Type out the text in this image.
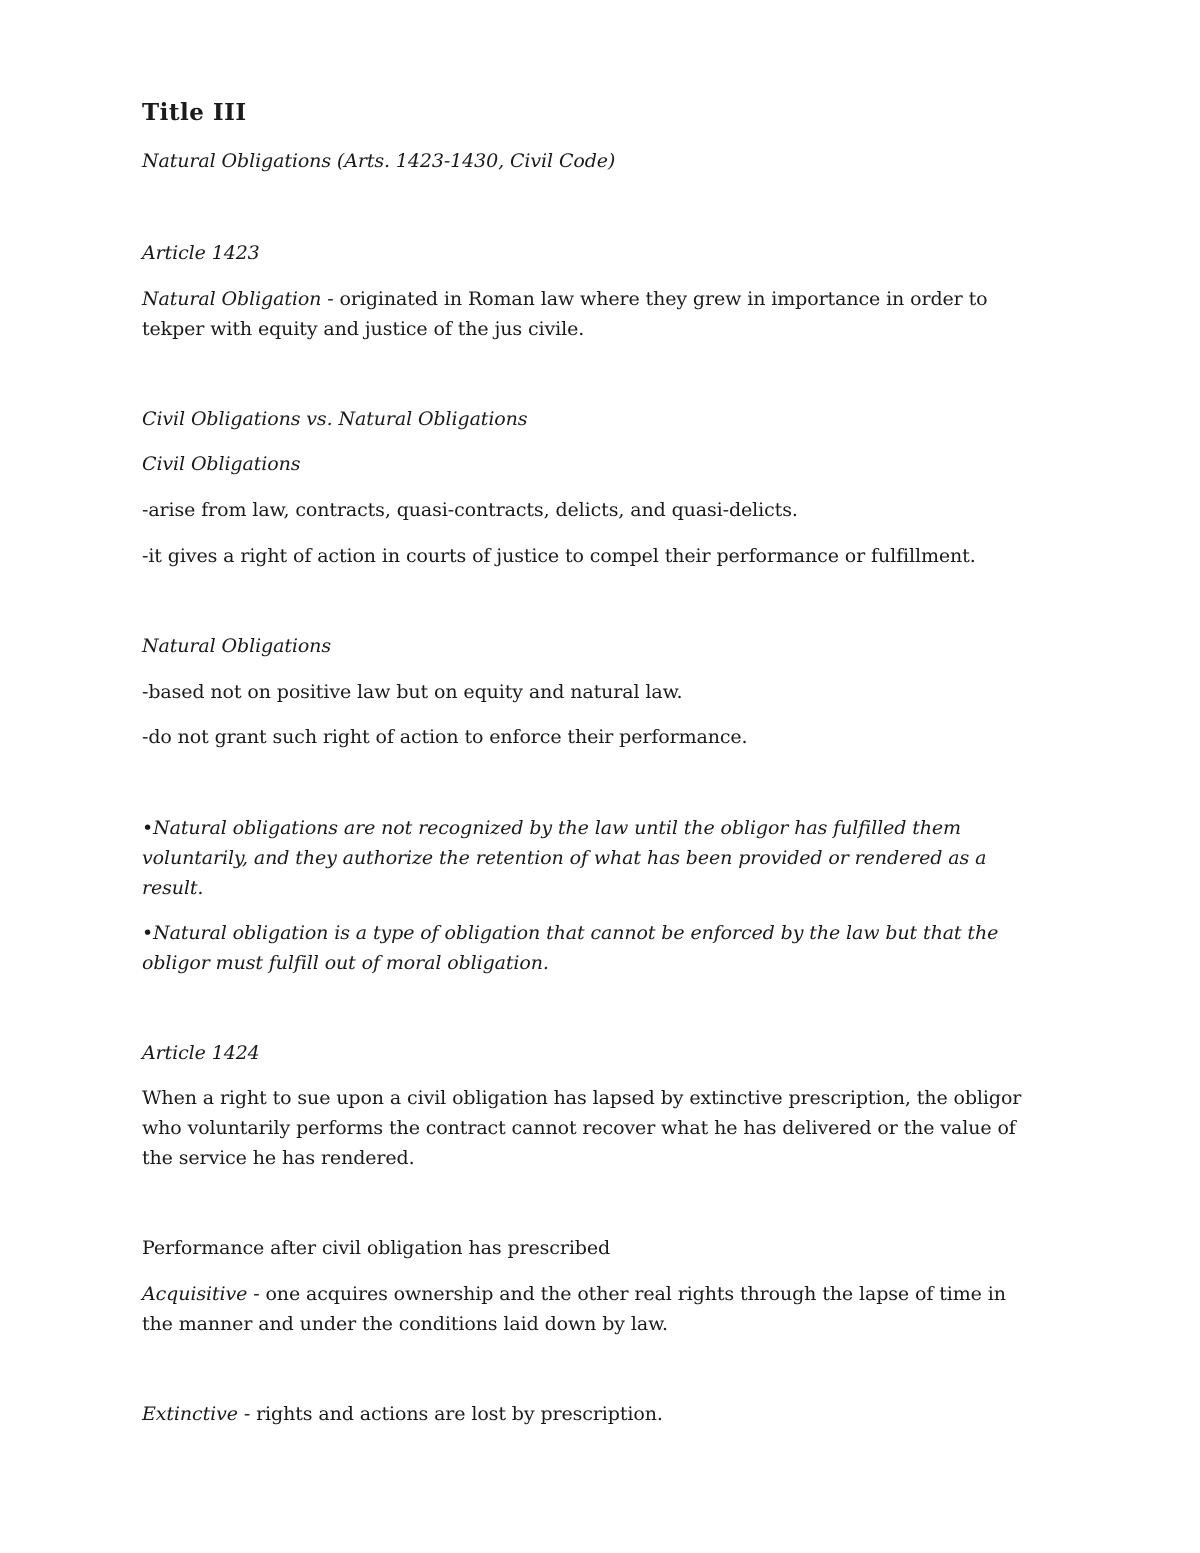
Title III

Natural Obligations (Arts. 1423-1430, Civil Code)

Article 1423

Natural Obligation - originated in Roman law where they grew in importance in order to
tekper with equity and justice of the jus civile.

Civil Obligations vs. Natural Obligations

Civil Obligations

-arise from law, contracts, quasi-contracts, delicts, and quasi-delicts.

-it gives a right of action in courts of justice to compel their performance or fulfillment.

Natural Obligations

-based not on positive law but on equity and natural law.

-do not grant such right of action to enforce their performance.

•Natural obligations are not recognized by the law until the obligor has fulfilled them
voluntarily, and they authorize the retention of what has been provided or rendered as a
result.
•Natural obligation is a type of obligation that cannot be enforced by the law but that the
obligor must fulfill out of moral obligation.

Article 1424

When a right to sue upon a civil obligation has lapsed by extinctive prescription, the obligor
who voluntarily performs the contract cannot recover what he has delivered or the value of
the service he has rendered.

Performance after civil obligation has prescribed

Acquisitive - one acquires ownership and the other real rights through the lapse of time in
the manner and under the conditions laid down by law.
Extinctive - rights and actions are lost by prescription.
